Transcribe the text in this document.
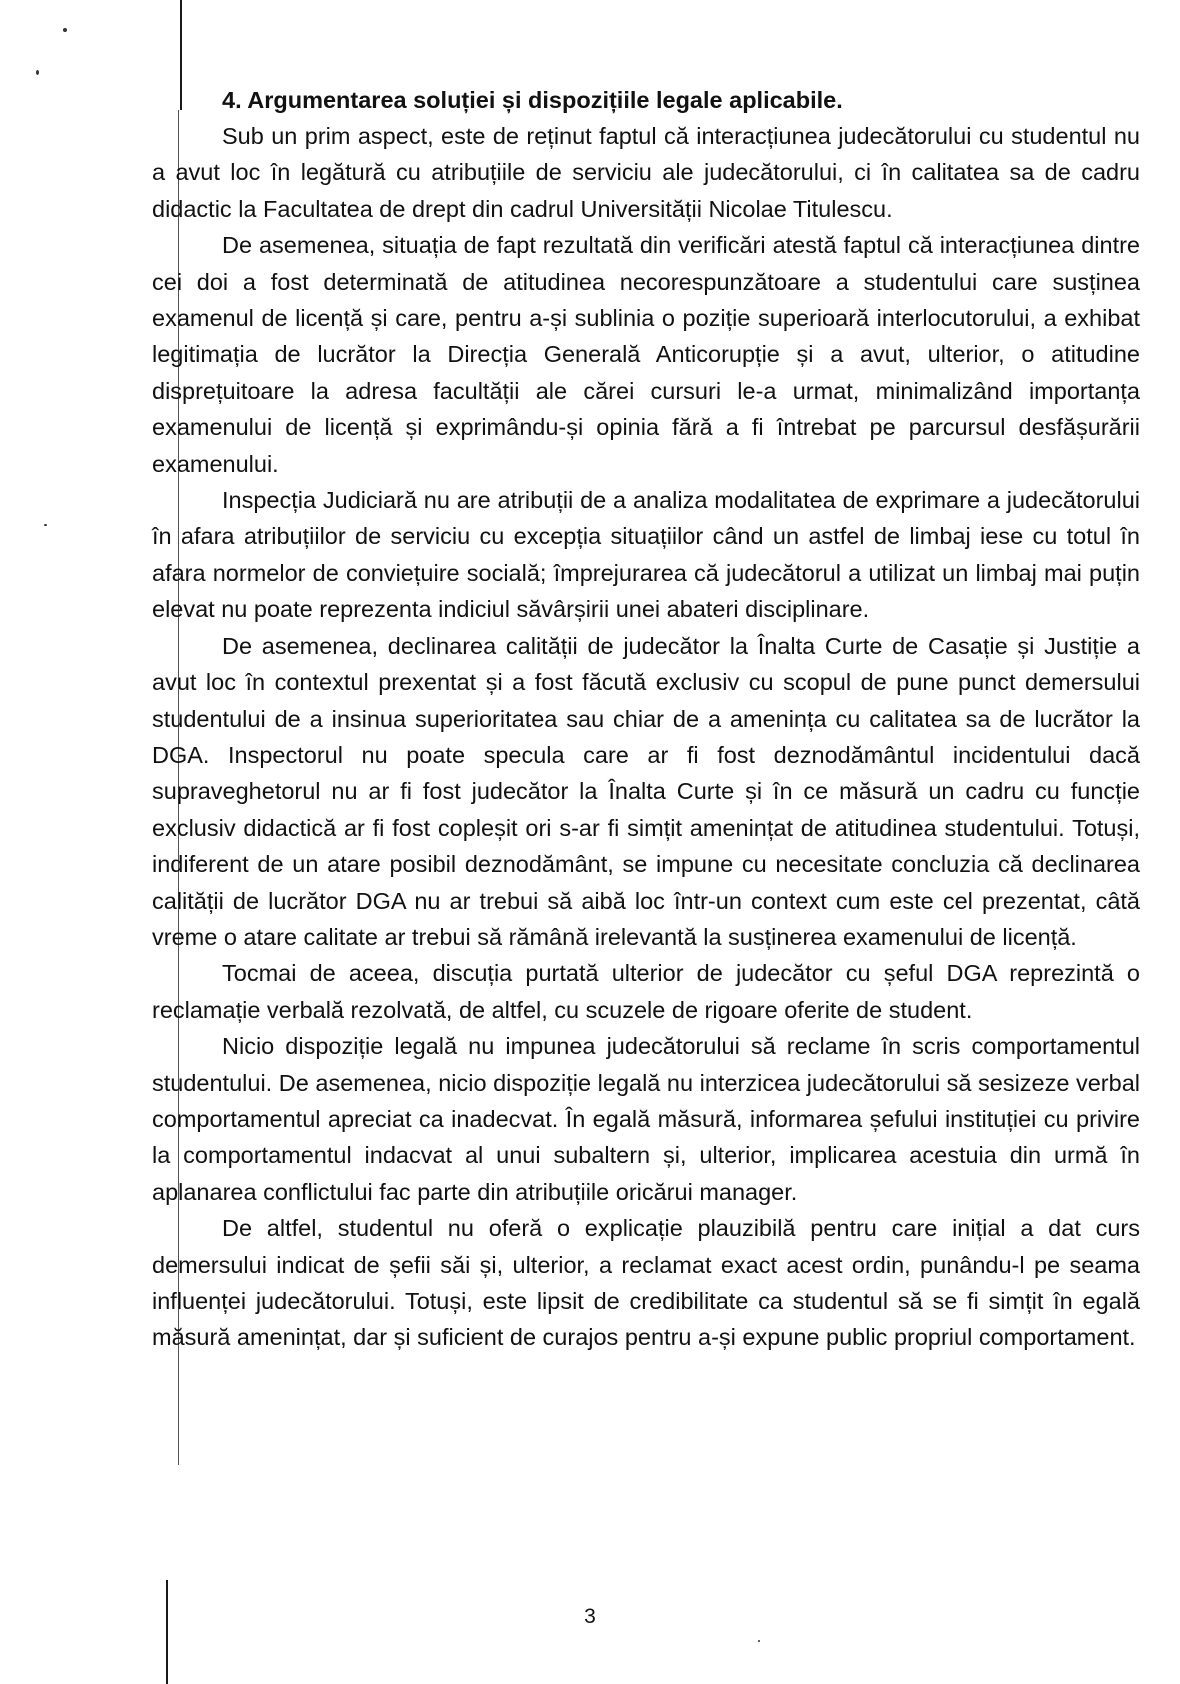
4. Argumentarea soluției și dispozițiile legale aplicabile.

Sub un prim aspect, este de reținut faptul că interacțiunea judecătorului cu studentul nu a avut loc în legătură cu atribuțiile de serviciu ale judecătorului, ci în calitatea sa de cadru didactic la Facultatea de drept din cadrul Universității Nicolae Titulescu.

De asemenea, situația de fapt rezultată din verificări atestă faptul că interacțiunea dintre cei doi a fost determinată de atitudinea necorespunzătoare a studentului care susținea examenul de licență și care, pentru a-și sublinia o poziție superioară interlocutorului, a exhibat legitimația de lucrător la Direcția Generală Anticorupție și a avut, ulterior, o atitudine disprețuitoare la adresa facultății ale cărei cursuri le-a urmat, minimalizând importanța examenului de licență și exprimându-și opinia fără a fi întrebat pe parcursul desfășurării examenului.

Inspecția Judiciară nu are atribuții de a analiza modalitatea de exprimare a judecătorului în afara atribuțiilor de serviciu cu excepția situațiilor când un astfel de limbaj iese cu totul în afara normelor de conviețuire socială; împrejurarea că judecătorul a utilizat un limbaj mai puțin elevat nu poate reprezenta indiciul săvârșirii unei abateri disciplinare.

De asemenea, declinarea calității de judecător la Înalta Curte de Casație și Justiție a avut loc în contextul prexentat și a fost făcută exclusiv cu scopul de pune punct demersului studentului de a insinua superioritatea sau chiar de a amenința cu calitatea sa de lucrător la DGA. Inspectorul nu poate specula care ar fi fost deznodământul incidentului dacă supraveghetorul nu ar fi fost judecător la Înalta Curte și în ce măsură un cadru cu funcție exclusiv didactică ar fi fost copleșit ori s-ar fi simțit amenințat de atitudinea studentului. Totuși, indiferent de un atare posibil deznodământ, se impune cu necesitate concluzia că declinarea calității de lucrător DGA nu ar trebui să aibă loc într-un context cum este cel prezentat, câtă vreme o atare calitate ar trebui să rămână irelevantă la susținerea examenului de licență.

Tocmai de aceea, discuția purtată ulterior de judecător cu șeful DGA reprezintă o reclamație verbală rezolvată, de altfel, cu scuzele de rigoare oferite de student.

Nicio dispoziție legală nu impunea judecătorului să reclame în scris comportamentul studentului. De asemenea, nicio dispoziție legală nu interzicea judecătorului să sesizeze verbal comportamentul apreciat ca inadecvat. În egală măsură, informarea șefului instituției cu privire la comportamentul indacvat al unui subaltern și, ulterior, implicarea acestuia din urmă în aplanarea conflictului fac parte din atribuțiile oricărui manager.

De altfel, studentul nu oferă o explicație plauzibilă pentru care inițial a dat curs demersului indicat de șefii săi și, ulterior, a reclamat exact acest ordin, punându-l pe seama influenței judecătorului. Totuși, este lipsit de credibilitate ca studentul să se fi simțit în egală măsură amenințat, dar și suficient de curajos pentru a-și expune public propriul comportament.

3
